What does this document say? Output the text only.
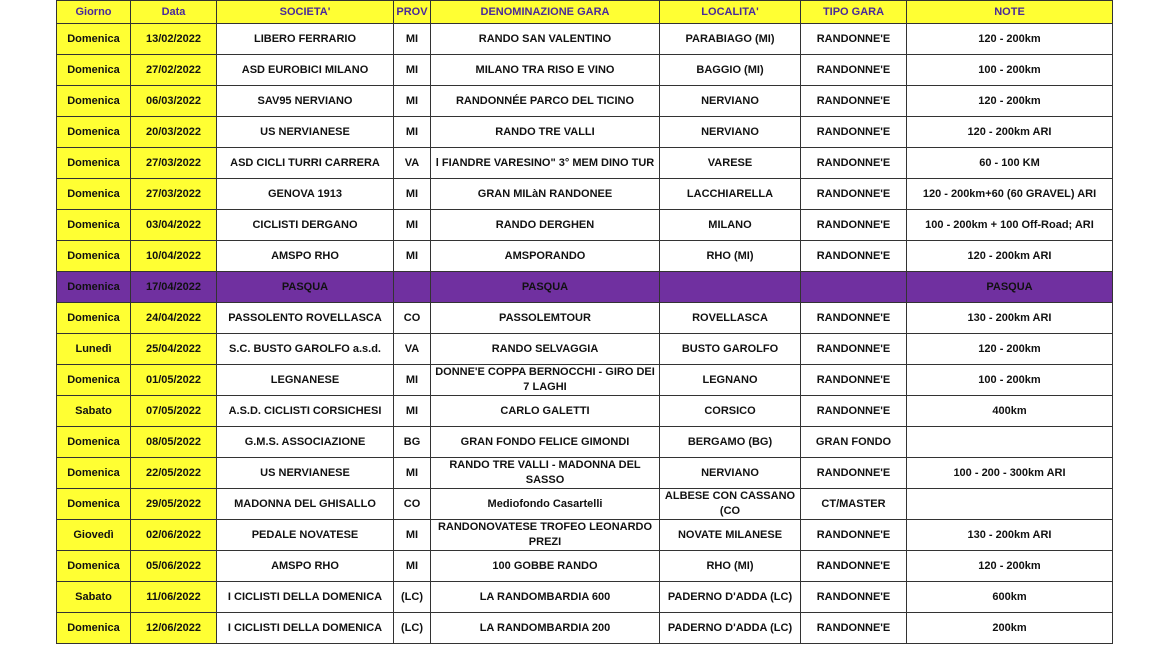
Giorno	Data	SOCIETA'	PROV	DENOMINAZIONE GARA	LOCALITA'	TIPO GARA	NOTE
Domenica	13/02/2022	LIBERO FERRARIO	MI	RANDO SAN VALENTINO	PARABIAGO (MI)	RANDONNE'E	120 - 200km
Domenica	27/02/2022	ASD EUROBICI MILANO	MI	MILANO TRA RISO E VINO	BAGGIO (MI)	RANDONNE'E	100 - 200km
Domenica	06/03/2022	SAV95 NERVIANO	MI	RANDONNÉE PARCO DEL TICINO	NERVIANO	RANDONNE'E	120 - 200km
Domenica	20/03/2022	US NERVIANESE	MI	RANDO TRE VALLI	NERVIANO	RANDONNE'E	120 - 200km ARI
Domenica	27/03/2022	ASD CICLI TURRI CARRERA	VA	l FIANDRE VARESINO" 3° MEM DINO TUR	VARESE	RANDONNE'E	60 - 100 KM
Domenica	27/03/2022	GENOVA 1913	MI	GRAN MILàN RANDONEE	LACCHIARELLA	RANDONNE'E	120 - 200km+60 (60 GRAVEL) ARI
Domenica	03/04/2022	CICLISTI DERGANO	MI	RANDO DERGHEN	MILANO	RANDONNE'E	100 - 200km + 100 Off-Road; ARI
Domenica	10/04/2022	AMSPO RHO	MI	AMSPORANDO	RHO (MI)	RANDONNE'E	120 - 200km ARI
Domenica	17/04/2022	PASQUA		PASQUA			PASQUA
Domenica	24/04/2022	PASSOLENTO ROVELLASCA	CO	PASSOLEMTOUR	ROVELLASCA	RANDONNE'E	130 - 200km ARI
Lunedì	25/04/2022	S.C. BUSTO GAROLFO a.s.d.	VA	RANDO SELVAGGIA	BUSTO GAROLFO	RANDONNE'E	120 - 200km
Domenica	01/05/2022	LEGNANESE	MI	DONNE'E COPPA BERNOCCHI - GIRO DEI 7 LAGHI	LEGNANO	RANDONNE'E	100 - 200km
Sabato	07/05/2022	A.S.D. CICLISTI CORSICHESI	MI	CARLO GALETTI	CORSICO	RANDONNE'E	400km
Domenica	08/05/2022	G.M.S. ASSOCIAZIONE	BG	GRAN FONDO FELICE GIMONDI	BERGAMO (BG)	GRAN FONDO	
Domenica	22/05/2022	US NERVIANESE	MI	RANDO TRE VALLI - MADONNA DEL SASSO	NERVIANO	RANDONNE'E	100 - 200 - 300km ARI
Domenica	29/05/2022	MADONNA DEL GHISALLO	CO	Mediofondo Casartelli	ALBESE CON CASSANO (CO	CT/MASTER	
Giovedì	02/06/2022	PEDALE NOVATESE	MI	RANDONOVATESE TROFEO LEONARDO PREZI	NOVATE MILANESE	RANDONNE'E	130 - 200km ARI
Domenica	05/06/2022	AMSPO RHO	MI	100 GOBBE RANDO	RHO (MI)	RANDONNE'E	120 - 200km
Sabato	11/06/2022	I CICLISTI DELLA DOMENICA	(LC)	LA RANDOMBARDIA 600	PADERNO D'ADDA (LC)	RANDONNE'E	600km
Domenica	12/06/2022	I CICLISTI DELLA DOMENICA	(LC)	LA RANDOMBARDIA 200	PADERNO D'ADDA (LC)	RANDONNE'E	200km
